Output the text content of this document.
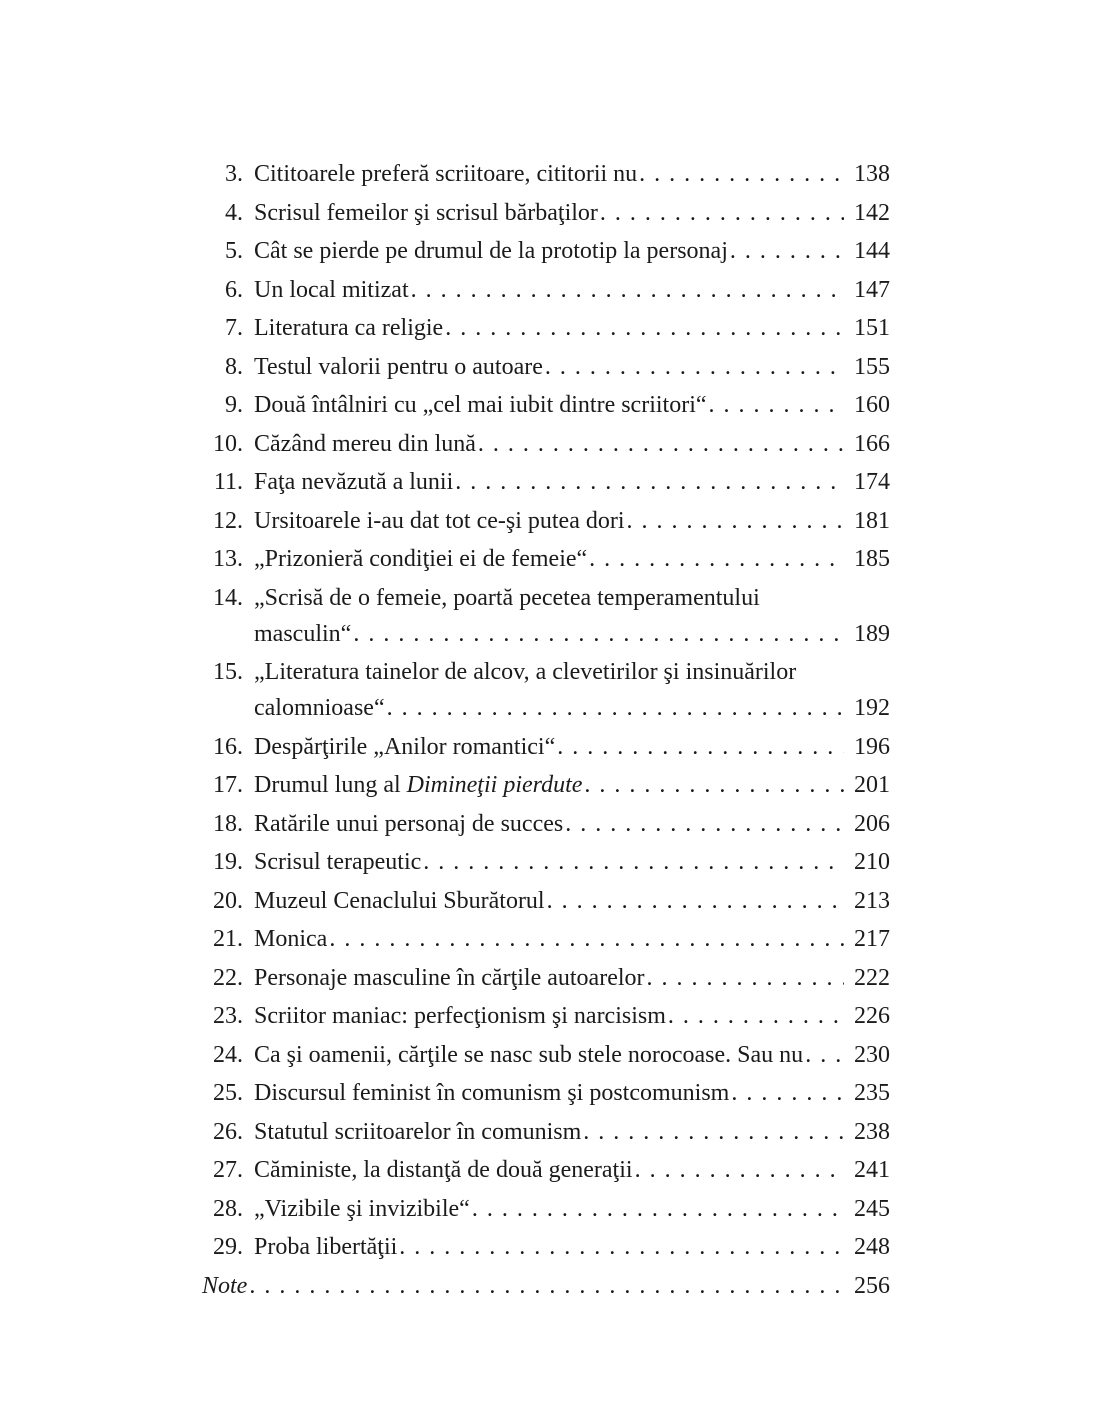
3. Cititoarele preferă scriitoare, cititorii nu . . .	138
4. Scrisul femeilor şi scrisul bărbaţilor . . .	142
5. Cât se pierde pe drumul de la prototip la personaj . . .	144
6. Un local mitizat . . .	147
7. Literatura ca religie . . .	151
8. Testul valorii pentru o autoare . . .	155
9. Două întâlniri cu „cel mai iubit dintre scriitori“ . . .	160
10. Căzând mereu din lună . . .	166
11. Faţa nevăzută a lunii . . .	174
12. Ursitoarele i-au dat tot ce-şi putea dori . . .	181
13. „Prizonieră condiţiei ei de femeie“ . . .	185
14. „Scrisă de o femeie, poartă pecetea temperamentului
masculin“ . . .	189
15. „Literatura tainelor de alcov, a clevetirilor şi insinuărilor
calomnioase“ . . .	192
16. Despărţirile „Anilor romantici“ . . .	196
17. Drumul lung al Dimineţii pierdute . . .	201
18. Ratările unui personaj de succes . . .	206
19. Scrisul terapeutic . . .	210
20. Muzeul Cenaclului Sburătorul . . .	213
21. Monica . . .	217
22. Personaje masculine în cărţile autoarelor . . .	222
23. Scriitor maniac: perfecţionism şi narcisism . . .	226
24. Ca şi oamenii, cărţile se nasc sub stele norocoase. Sau nu . . . 230
25. Discursul feminist în comunism şi postcomunism . . .	235
26. Statutul scriitoarelor în comunism . . .	238
27. Căministe, la distanţă de două generaţii . . .	241
28. „Vizibile şi invizibile“ . . .	245
29. Proba libertăţii . . .	248
Note . . .	256
